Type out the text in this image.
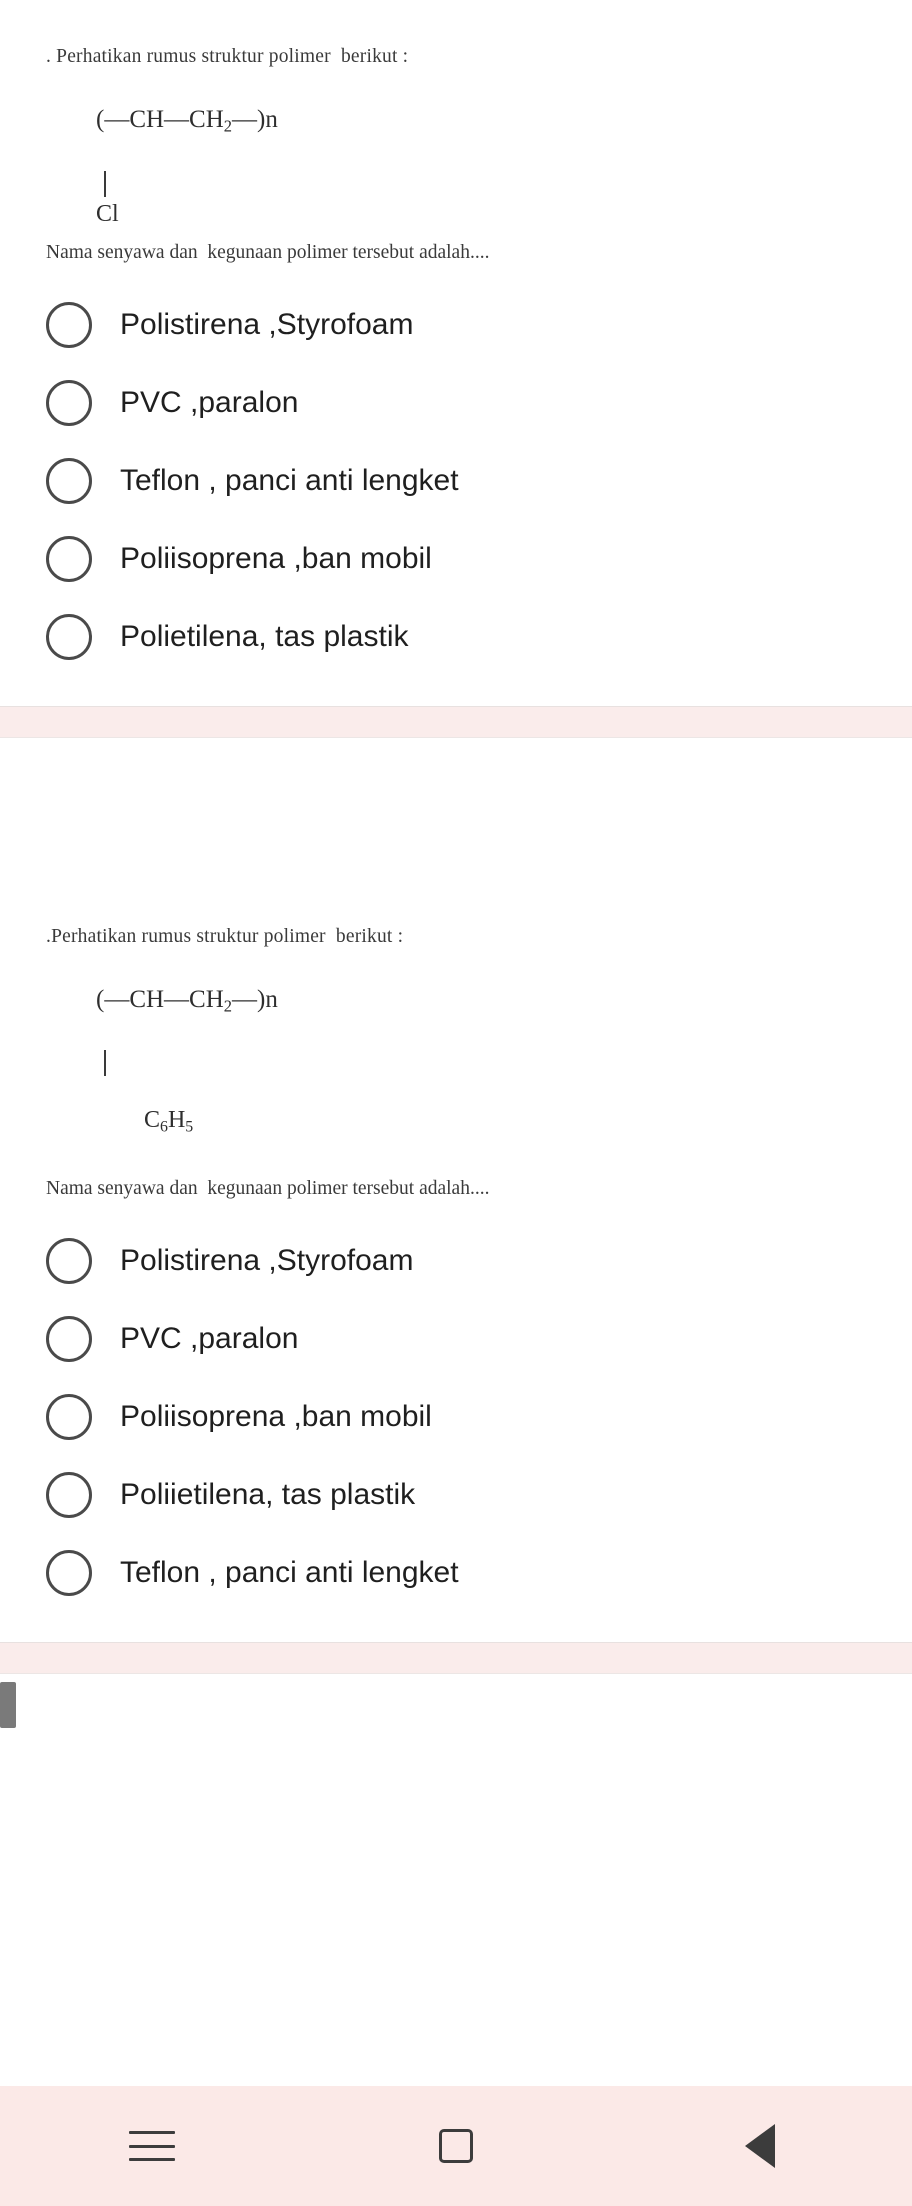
. Perhatikan rumus struktur polimer  berikut :

$(—CH—CH_2—)n$

Cl
Nama senyawa dan  kegunaan polimer tersebut adalah....
Polistirena ,Styrofoam
PVC ,paralon
Teflon , panci anti lengket
Poliisoprena ,ban mobil
Polietilena, tas plastik
.Perhatikan rumus struktur polimer  berikut :

$(—CH—CH_2—)n$

$C_6H_5$

Nama senyawa dan  kegunaan polimer tersebut adalah....
Polistirena ,Styrofoam
PVC ,paralon
Poliisoprena ,ban mobil
Poliietilena, tas plastik
Teflon , panci anti lengket
